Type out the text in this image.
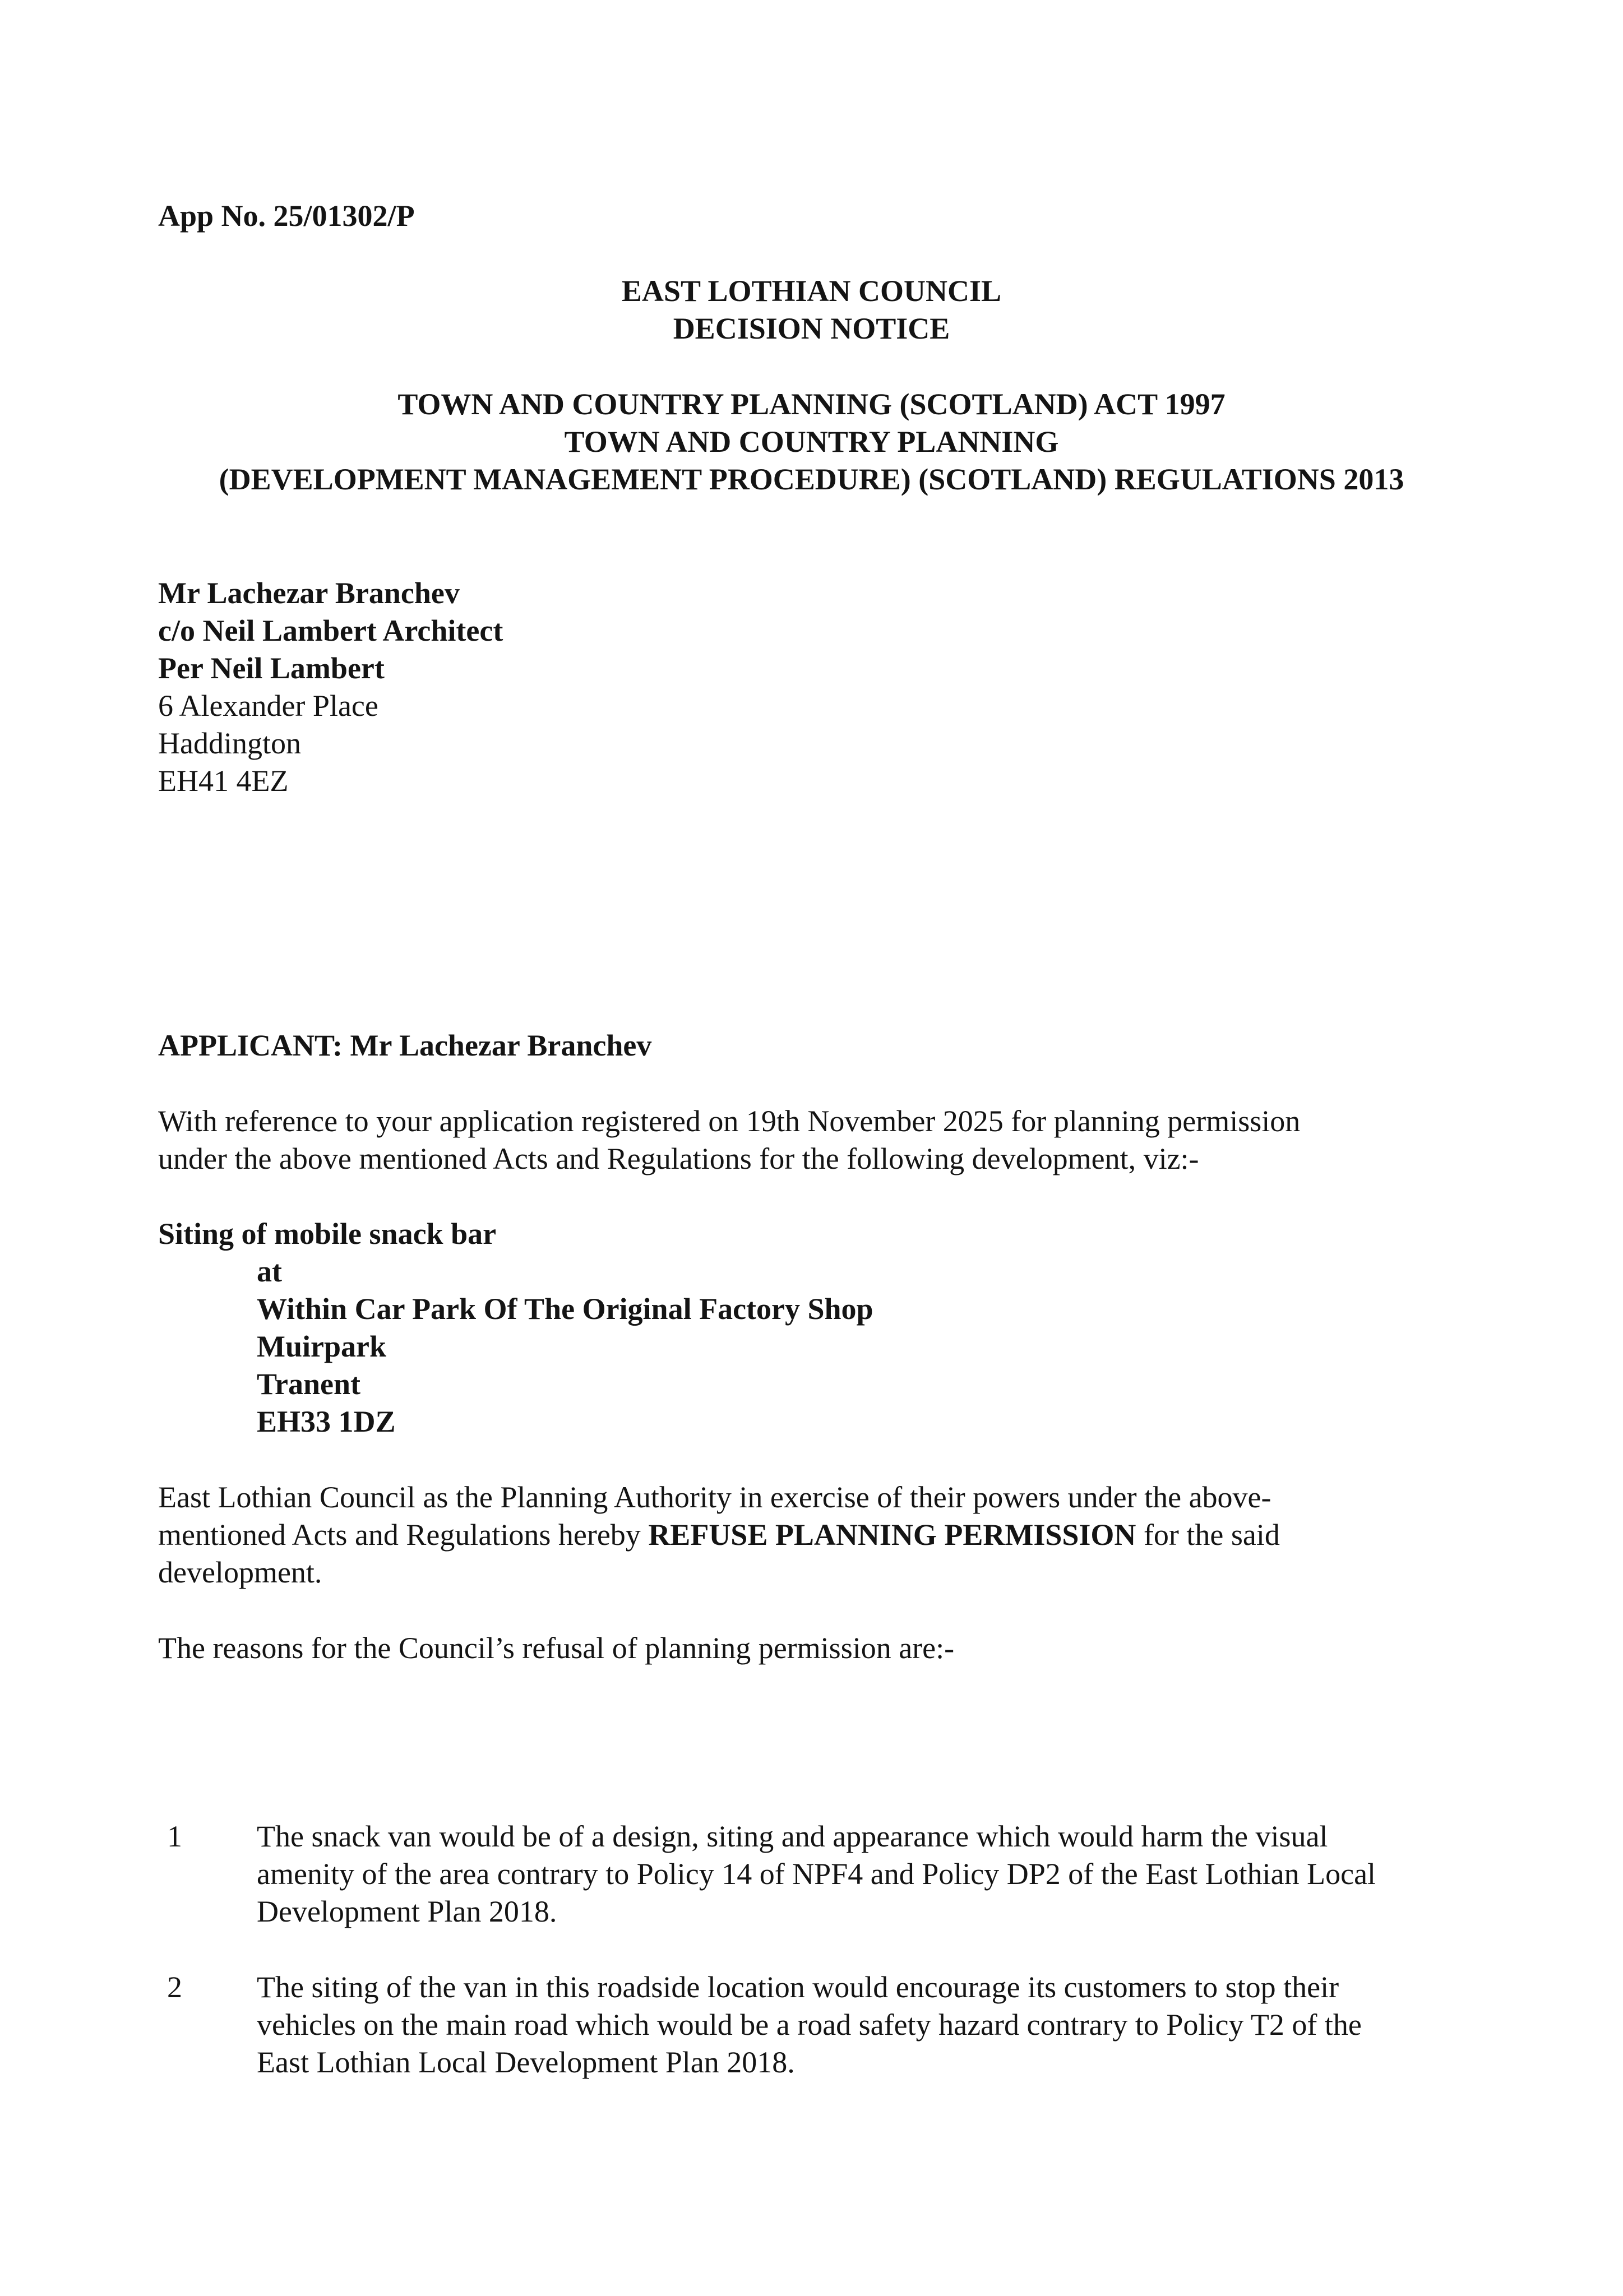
App No. 25/01302/P
EAST LOTHIAN COUNCIL
DECISION NOTICE
TOWN AND COUNTRY PLANNING (SCOTLAND) ACT 1997
TOWN AND COUNTRY PLANNING
(DEVELOPMENT MANAGEMENT PROCEDURE) (SCOTLAND) REGULATIONS 2013
Mr Lachezar Branchev
c/o Neil Lambert Architect
Per Neil Lambert
6 Alexander Place
Haddington
EH41 4EZ
APPLICANT: Mr Lachezar Branchev
With reference to your application registered on 19th November 2025 for planning permission
under the above mentioned Acts and Regulations for the following development, viz:-
Siting of mobile snack bar
at
Within Car Park Of The Original Factory Shop
Muirpark
Tranent
EH33 1DZ
East Lothian Council as the Planning Authority in exercise of their powers under the above-
mentioned Acts and Regulations hereby REFUSE PLANNING PERMISSION for the said
development.
The reasons for the Council’s refusal of planning permission are:-
1 The snack van would be of a design, siting and appearance which would harm the visual
amenity of the area contrary to Policy 14 of NPF4 and Policy DP2 of the East Lothian Local
Development Plan 2018.
2 The siting of the van in this roadside location would encourage its customers to stop their
vehicles on the main road which would be a road safety hazard contrary to Policy T2 of the
East Lothian Local Development Plan 2018.
